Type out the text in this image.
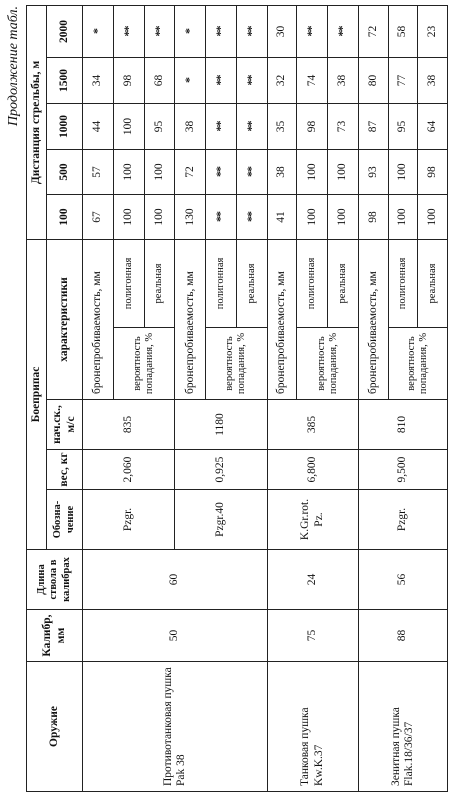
Продолжение табл.
Оружие	Калибр, мм	Длина ствола в калибрах	Боеприпас					Дистанция стрельбы, м				
			Обозна-чение	вес, кг	нач.ск., м/с	характеристики		100	500	1000	1500	2000

Противотанковая пушка Pak 38	50	60	Pzgr.	2,060	835	бронепробиваемость, мм		67	57	44	34	*
						вероятность попадания, %	полигонная	100	100	100	98	**
							реальная	100	100	95	68	**
			Pzgr.40	0,925	1180	бронепробиваемость, мм		130	72	38	*	*
						вероятность попадания, %	полигонная	**	**	**	**	**
							реальная	**	**	**	**	**
Танковая пушка Kw.K.37	75	24	K.Gr.rot. Pz.	6,800	385	бронепробиваемость, мм		41	38	35	32	30
						вероятность попадания, %	полигонная	100	100	98	74	**
							реальная	100	100	73	38	**
Зенитная пушка Flak.18/36/37	88	56	Pzgr.	9,500	810	бронепробиваемость, мм		98	93	87	80	72
						вероятность попадания, %	полигонная	100	100	95	77	58
							реальная	100	98	64	38	23
